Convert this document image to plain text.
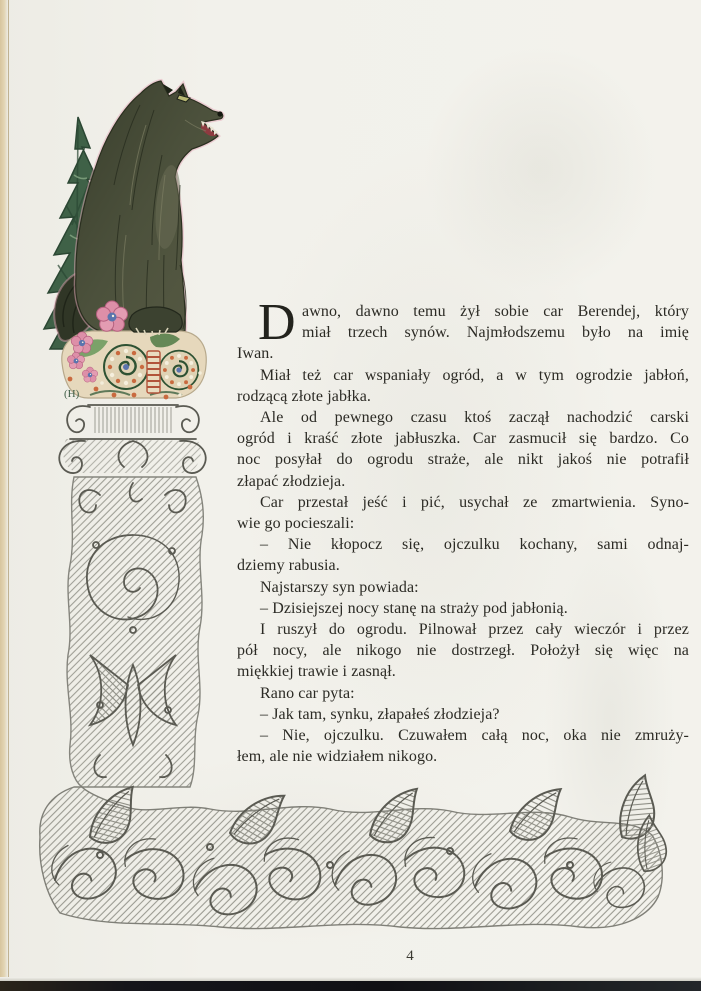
(H)
D awno, dawno temu żył sobie car Berendej, który
miał trzech synów. Najmłodszemu było na imię
Iwan.
Miał też car wspaniały ogród, a w tym ogrodzie jabłoń,
rodzącą złote jabłka.
Ale od pewnego czasu ktoś zaczął nachodzić carski
ogród i kraść złote jabłuszka. Car zasmucił się bardzo. Co
noc posyłał do ogrodu straże, ale nikt jakoś nie potrafił
złapać złodzieja.
Car przestał jeść i pić, usychał ze zmartwienia. Syno-
wie go pocieszali:
– Nie kłopocz się, ojczulku kochany, sami odnaj-
dziemy rabusia.
Najstarszy syn powiada:
– Dzisiejszej nocy stanę na straży pod jabłonią.
I ruszył do ogrodu. Pilnował przez cały wieczór i przez
pół nocy, ale nikogo nie dostrzegł. Położył się więc na
miękkiej trawie i zasnął.
Rano car pyta:
– Jak tam, synku, złapałeś złodzieja?
– Nie, ojczulku. Czuwałem całą noc, oka nie zmruży-
łem, ale nie widziałem nikogo.
4
